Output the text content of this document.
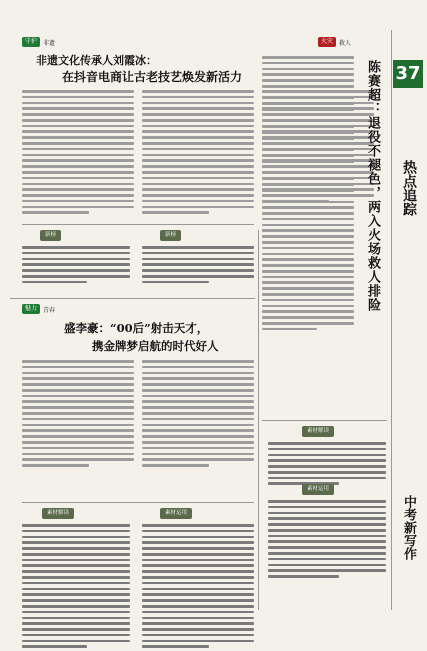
37
热点追踪
中考新写作
守护	非遗
非遗文化传承人刘霞冰：
在抖音电商让古老技艺焕发新活力
新榜	新榜
魅力	青春
盛李豪：“00后”射击天才，
携金牌梦启航的时代好人
素材解读	素材运用
火灾	救人
陈赛超：退役不褪色，两入火场救人排险
素材解读
素材运用
